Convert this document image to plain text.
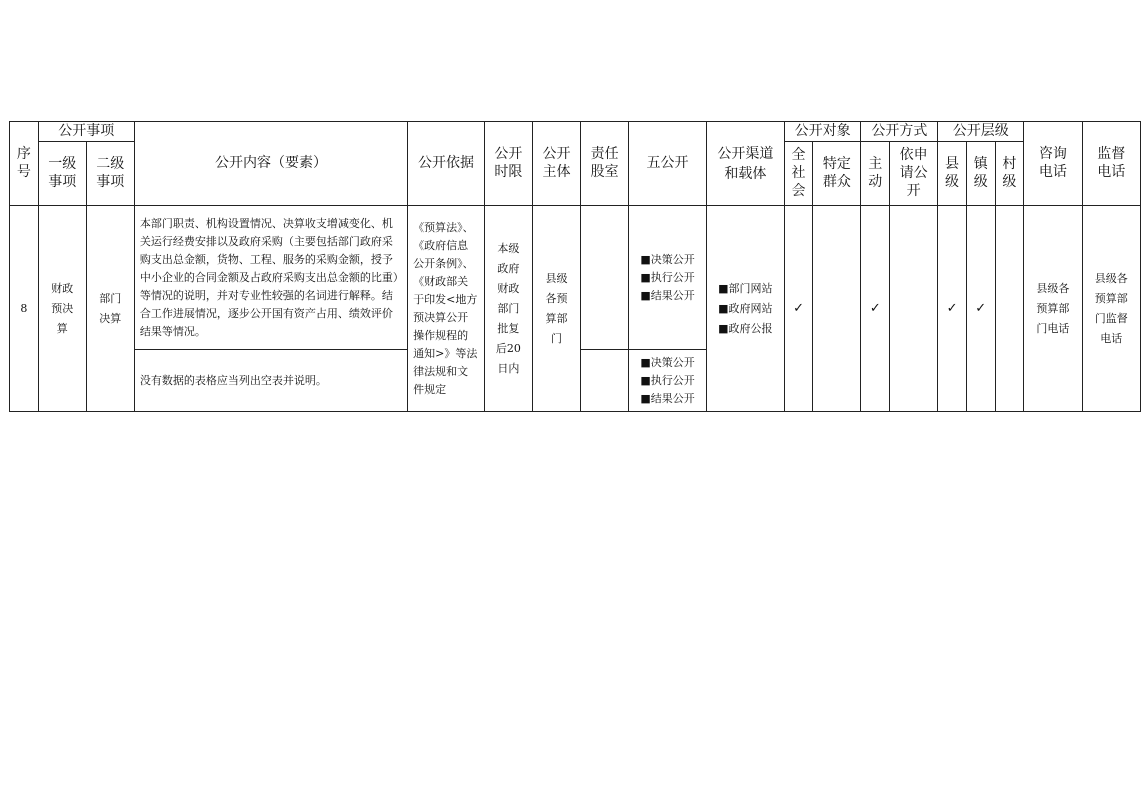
序号	公开事项		公开内容（要素）	公开依据	公开时限	公开主体	责任股室	五公开	公开渠道和载体	公开对象		公开方式		公开层级			咨询电话	监督电话
	一级事项	二级事项								全社会	特定群众	主动	依申请公开	县级	镇级	村级		
8	财政预决算	部门决算	本部门职责、机构设置情况、决算收支增减变化、机关运行经费安排以及政府采购（主要包括部门政府采购支出总金额，货物、工程、服务的采购金额，授予中小企业的合同金额及占政府采购支出总金额的比重）等情况的说明，并对专业性较强的名词进行解释。结合工作进展情况，逐步公开国有资产占用、绩效评价结果等情况。	《预算法》、《政府信息公开条例》、《财政部关于印发<地方预决算公开操作规程的通知>》等法律法规和文件规定	本级政府财政部门批复后20日内	县级各预算部门		■决策公开
■执行公开
■结果公开	■部门网站
■政府网站
■政府公报	✓		✓		✓	✓		县级各预算部门电话	县级各预算部门监督电话
			没有数据的表格应当列出空表并说明。					■决策公开
■执行公开
■结果公开										
